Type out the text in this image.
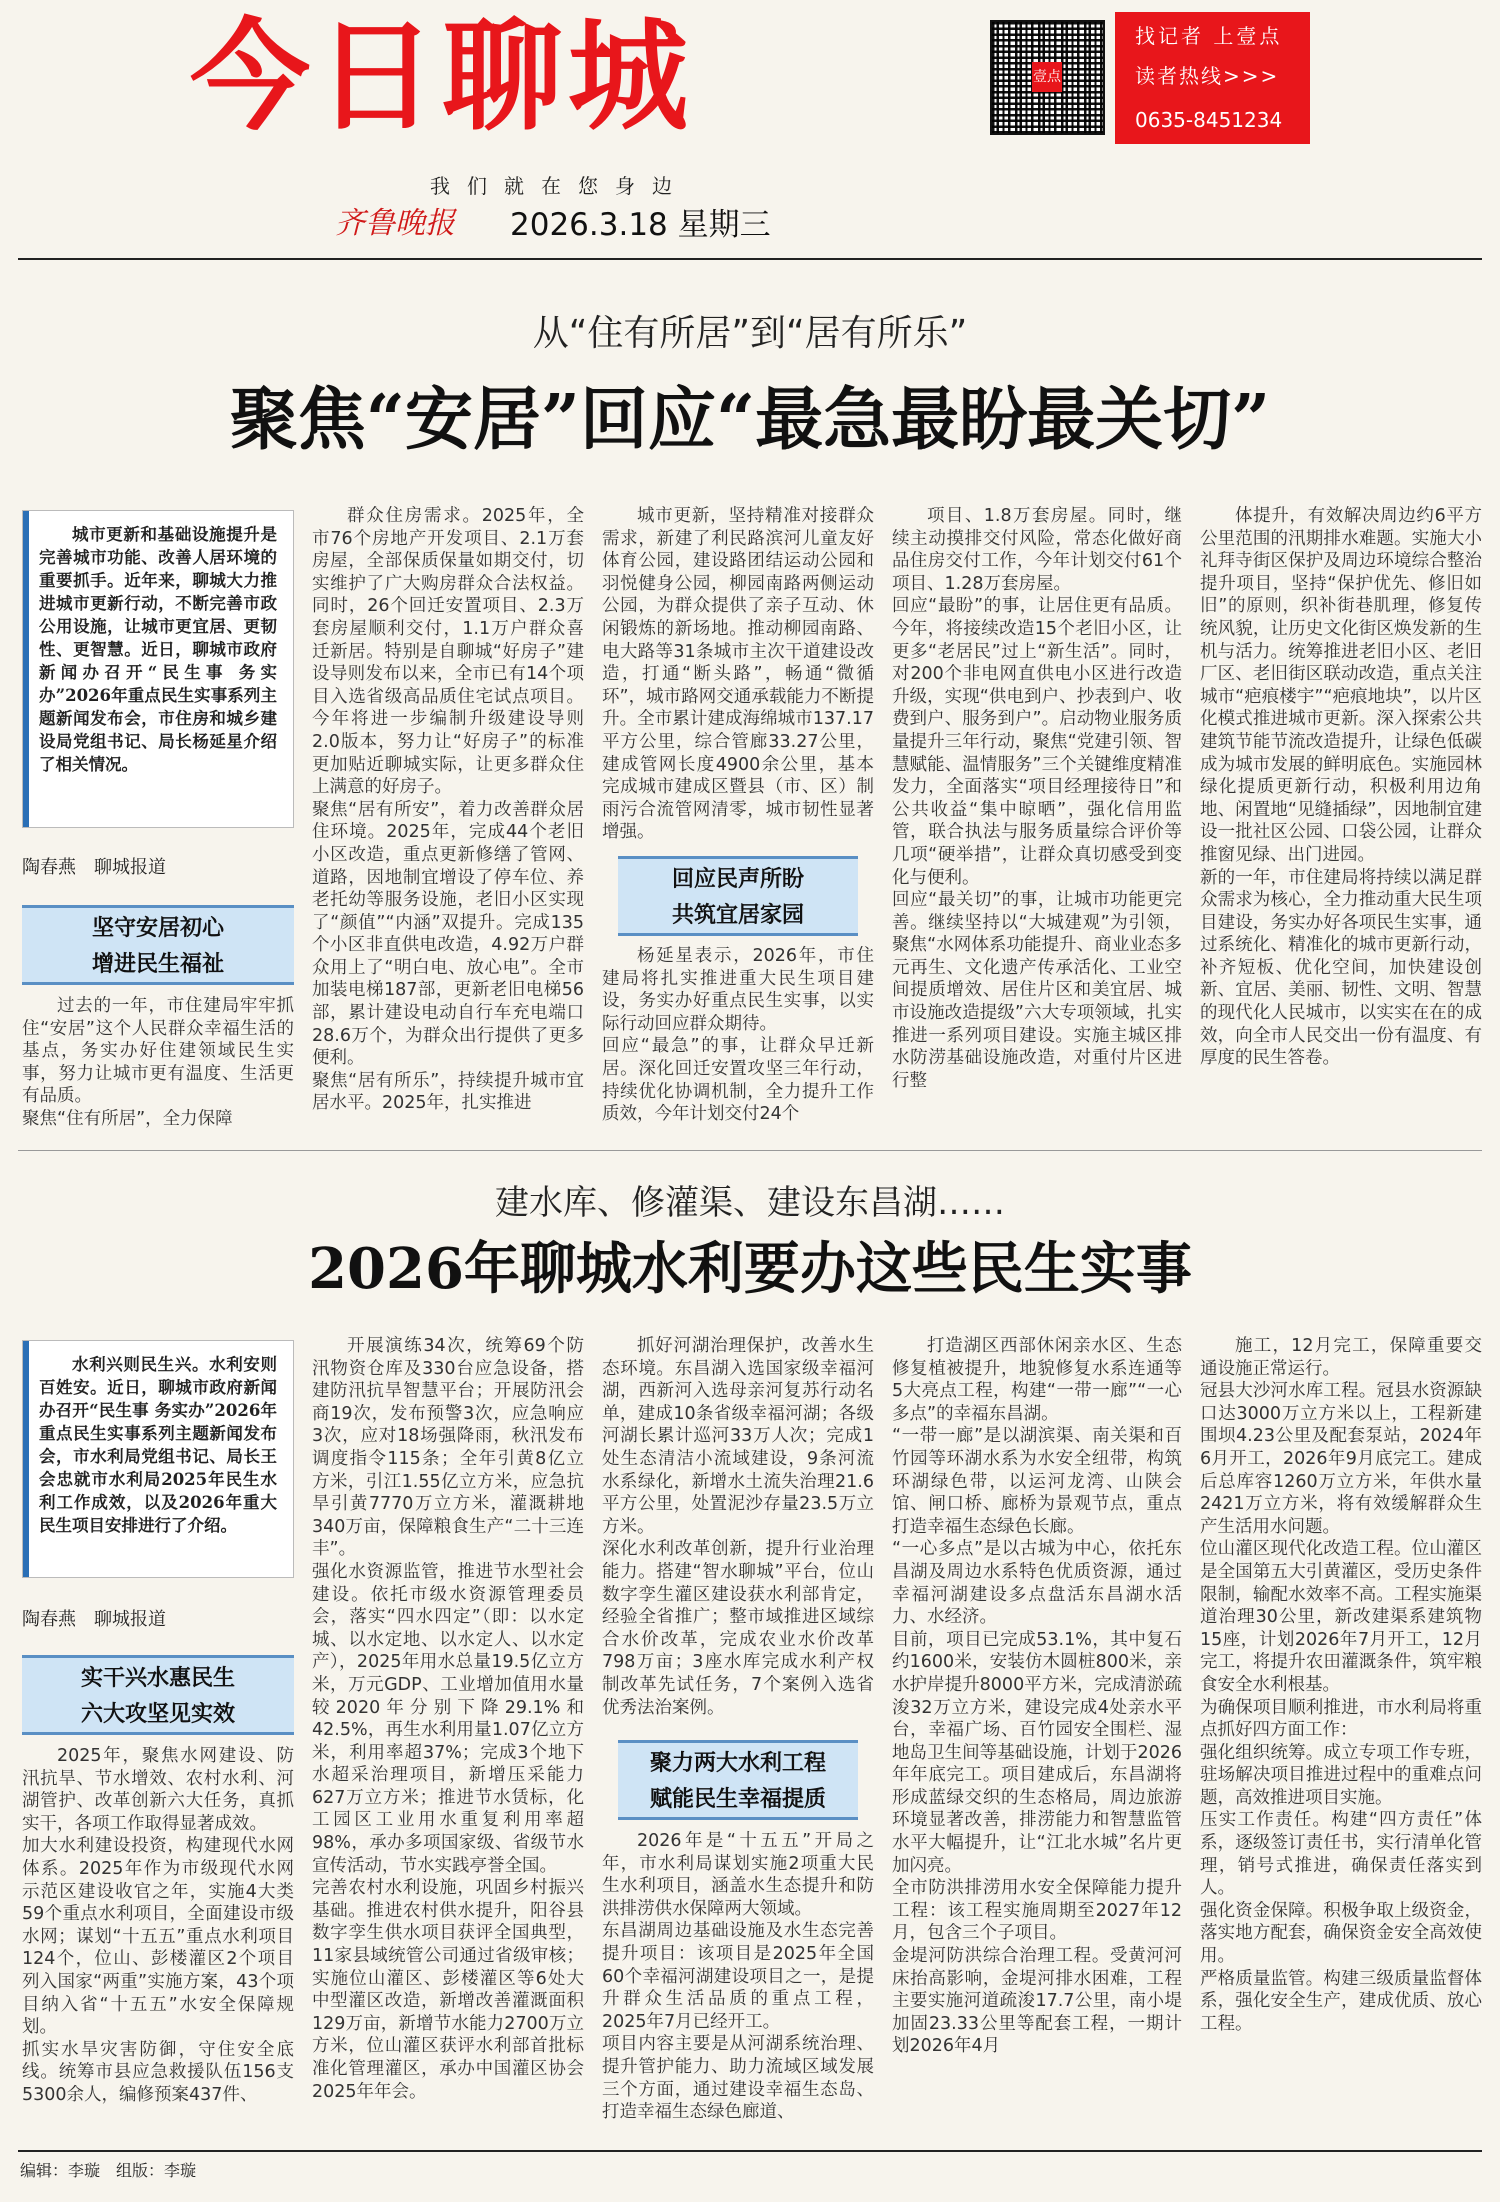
今日聊城
我们就在您身边
齐鲁晚报 2026.3.18 星期三
壹点
找记者 上壹点
读者热线>>>
0635-8451234
从“住有所居”到“居有所乐”
聚焦“安居”回应“最急最盼最关切”

城市更新和基础设施提升是完善城市功能、改善人居环境的重要抓手。近年来，聊城大力推进城市更新行动，不断完善市政公用设施，让城市更宜居、更韧性、更智慧。近日，聊城市政府新闻办召开“民生事 务实办”2026年重点民生实事系列主题新闻发布会，市住房和城乡建设局党组书记、局长杨延星介绍了相关情况。

陶春燕　聊城报道
坚守安居初心
增进民生福祉

过去的一年，市住建局牢牢抓住“安居”这个人民群众幸福生活的基点，务实办好住建领域民生实事，努力让城市更有温度、生活更有品质。
聚焦“住有所居”，全力保障

群众住房需求。2025年，全市76个房地产开发项目、2.1万套房屋，全部保质保量如期交付，切实维护了广大购房群众合法权益。同时，26个回迁安置项目、2.3万套房屋顺利交付，1.1万户群众喜迁新居。特别是自聊城“好房子”建设导则发布以来，全市已有14个项目入选省级高品质住宅试点项目。今年将进一步编制升级建设导则2.0版本，努力让“好房子”的标准更加贴近聊城实际，让更多群众住上满意的好房子。
聚焦“居有所安”，着力改善群众居住环境。2025年，完成44个老旧小区改造，重点更新修缮了管网、道路，因地制宜增设了停车位、养老托幼等服务设施，老旧小区实现了“颜值”“内涵”双提升。完成135个小区非直供电改造，4.92万户群众用上了“明白电、放心电”。全市加装电梯187部，更新老旧电梯56部，累计建设电动自行车充电端口28.6万个，为群众出行提供了更多便利。
聚焦“居有所乐”，持续提升城市宜居水平。2025年，扎实推进

城市更新，坚持精准对接群众需求，新建了利民路滨河儿童友好体育公园，建设路团结运动公园和羽悦健身公园，柳园南路两侧运动公园，为群众提供了亲子互动、休闲锻炼的新场地。推动柳园南路、电大路等31条城市主次干道建设改造，打通“断头路”，畅通“微循环”，城市路网交通承载能力不断提升。全市累计建成海绵城市137.17平方公里，综合管廊33.27公里，建成管网长度4900余公里，基本完成城市建成区暨县（市、区）制雨污合流管网清零，城市韧性显著增强。

回应民声所盼
共筑宜居家园

杨延星表示，2026年，市住建局将扎实推进重大民生项目建设，务实办好重点民生实事，以实际行动回应群众期待。
回应“最急”的事，让群众早迁新居。深化回迁安置攻坚三年行动，持续优化协调机制，全力提升工作质效，今年计划交付24个

项目、1.8万套房屋。同时，继续主动摸排交付风险，常态化做好商品住房交付工作，今年计划交付61个项目、1.28万套房屋。
回应“最盼”的事，让居住更有品质。今年，将接续改造15个老旧小区，让更多“老居民”过上“新生活”。同时，对200个非电网直供电小区进行改造升级，实现“供电到户、抄表到户、收费到户、服务到户”。启动物业服务质量提升三年行动，聚焦“党建引领、智慧赋能、温情服务”三个关键维度精准发力，全面落实“项目经理接待日”和公共收益“集中晾晒”，强化信用监管，联合执法与服务质量综合评价等几项“硬举措”，让群众真切感受到变化与便利。
回应“最关切”的事，让城市功能更完善。继续坚持以“大城建观”为引领，聚焦“水网体系功能提升、商业业态多元再生、文化遗产传承活化、工业空间提质增效、居住片区和美宜居、城市设施改造提级”六大专项领域，扎实推进一系列项目建设。实施主城区排水防涝基础设施改造，对重付片区进行整

体提升，有效解决周边约6平方公里范围的汛期排水难题。实施大小礼拜寺街区保护及周边环境综合整治提升项目，坚持“保护优先、修旧如旧”的原则，织补街巷肌理，修复传统风貌，让历史文化街区焕发新的生机与活力。统筹推进老旧小区、老旧厂区、老旧街区联动改造，重点关注城市“疤痕楼宇”“疤痕地块”，以片区化模式推进城市更新。深入探索公共建筑节能节流改造提升，让绿色低碳成为城市发展的鲜明底色。实施园林绿化提质更新行动，积极利用边角地、闲置地“见缝插绿”，因地制宜建设一批社区公园、口袋公园，让群众推窗见绿、出门进园。
新的一年，市住建局将持续以满足群众需求为核心，全力推动重大民生项目建设，务实办好各项民生实事，通过系统化、精准化的城市更新行动，补齐短板、优化空间，加快建设创新、宜居、美丽、韧性、文明、智慧的现代化人民城市，以实实在在的成效，向全市人民交出一份有温度、有厚度的民生答卷。

建水库、修灌渠、建设东昌湖……
2026年聊城水利要办这些民生实事

水利兴则民生兴。水利安则百姓安。近日，聊城市政府新闻办召开“民生事 务实办”2026年重点民生实事系列主题新闻发布会，市水利局党组书记、局长王会忠就市水利局2025年民生水利工作成效，以及2026年重大民生项目安排进行了介绍。

陶春燕　聊城报道
实干兴水惠民生
六大攻坚见实效

2025年，聚焦水网建设、防汛抗旱、节水增效、农村水利、河湖管护、改革创新六大任务，真抓实干，各项工作取得显著成效。
加大水利建设投资，构建现代水网体系。2025年作为市级现代水网示范区建设收官之年，实施4大类59个重点水利项目，全面建设市级水网；谋划“十五五”重点水利项目124个，位山、彭楼灌区2个项目列入国家“两重”实施方案，43个项目纳入省“十五五”水安全保障规划。
抓实水旱灾害防御，守住安全底线。统筹市县应急救援队伍156支5300余人，编修预案437件、

开展演练34次，统筹69个防汛物资仓库及330台应急设备，搭建防汛抗旱智慧平台；开展防汛会商19次，发布预警3次，应急响应3次，应对18场强降雨，秋汛发布调度指令115条；全年引黄8亿立方米，引江1.55亿立方米，应急抗旱引黄7770万立方米，灌溉耕地340万亩，保障粮食生产“二十三连丰”。
强化水资源监管，推进节水型社会建设。依托市级水资源管理委员会，落实“四水四定”（即：以水定城、以水定地、以水定人、以水定产），2025年用水总量19.5亿立方米，万元GDP、工业增加值用水量较2020年分别下降29.1%和42.5%，再生水利用量1.07亿立方米，利用率超37%；完成3个地下水超采治理项目，新增压采能力627万立方米；推进节水赁标，化工园区工业用水重复利用率超98%，承办多项国家级、省级节水宣传活动，节水实践亭誉全国。
完善农村水利设施，巩固乡村振兴基础。推进农村供水提升，阳谷县数字孪生供水项目获评全国典型，11家县域统管公司通过省级审核；实施位山灌区、彭楼灌区等6处大中型灌区改造，新增改善灌溉面积129万亩，新增节水能力2700万立方米，位山灌区获评水利部首批标准化管理灌区，承办中国灌区协会2025年年会。

抓好河湖治理保护，改善水生态环境。东昌湖入选国家级幸福河湖，西新河入选母亲河复苏行动名单，建成10条省级幸福河湖；各级河湖长累计巡河33万人次；完成1处生态清洁小流域建设，9条河流水系绿化，新增水土流失治理21.6平方公里，处置泥沙存量23.5万立方米。
深化水利改革创新，提升行业治理能力。搭建“智水聊城”平台，位山数字孪生灌区建设获水利部肯定，经验全省推广；整市域推进区域综合水价改革，完成农业水价改革798万亩；3座水库完成水利产权制改革先试任务，7个案例入选省优秀法治案例。

聚力两大水利工程
赋能民生幸福提质

2026年是“十五五”开局之年，市水利局谋划实施2项重大民生水利项目，涵盖水生态提升和防洪排涝供水保障两大领域。
东昌湖周边基础设施及水生态完善提升项目：该项目是2025年全国60个幸福河湖建设项目之一，是提升群众生活品质的重点工程，2025年7月已经开工。
项目内容主要是从河湖系统治理、提升管护能力、助力流域区域发展三个方面，通过建设幸福生态岛、打造幸福生态绿色廊道、

打造湖区西部休闲亲水区、生态修复植被提升，地貌修复水系连通等5大亮点工程，构建“一带一廊”“一心多点”的幸福东昌湖。
“一带一廊”是以湖滨渠、南关渠和百竹园等环湖水系为水安全纽带，构筑环湖绿色带，以运河龙湾、山陕会馆、闸口桥、廊桥为景观节点，重点打造幸福生态绿色长廊。
“一心多点”是以古城为中心，依托东昌湖及周边水系特色优质资源，通过幸福河湖建设多点盘活东昌湖水活力、水经济。
目前，项目已完成53.1%，其中复石约1600米，安装仿木圆桩800米，亲水护岸提升8000平方米，完成清淤疏浚32万立方米，建设完成4处亲水平台，幸福广场、百竹园安全围栏、湿地岛卫生间等基础设施，计划于2026年年底完工。项目建成后，东昌湖将形成蓝绿交织的生态格局，周边旅游环境显著改善，排涝能力和智慧监管水平大幅提升，让“江北水城”名片更加闪亮。
全市防洪排涝用水安全保障能力提升工程：该工程实施周期至2027年12月，包含三个子项目。
金堤河防洪综合治理工程。受黄河河床抬高影响，金堤河排水困难，工程主要实施河道疏浚17.7公里，南小堤加固23.33公里等配套工程，一期计划2026年4月

施工，12月完工，保障重要交通设施正常运行。
冠县大沙河水库工程。冠县水资源缺口达3000万立方米以上，工程新建围坝4.23公里及配套泵站，2024年6月开工，2026年9月底完工。建成后总库容1260万立方米，年供水量2421万立方米，将有效缓解群众生产生活用水问题。
位山灌区现代化改造工程。位山灌区是全国第五大引黄灌区，受历史条件限制，输配水效率不高。工程实施渠道治理30公里，新改建渠系建筑物15座，计划2026年7月开工，12月完工，将提升农田灌溉条件，筑牢粮食安全水利根基。
为确保项目顺利推进，市水利局将重点抓好四方面工作：
强化组织统筹。成立专项工作专班，驻场解决项目推进过程中的重难点问题，高效推进项目实施。
压实工作责任。构建“四方责任”体系，逐级签订责任书，实行清单化管理，销号式推进，确保责任落实到人。
强化资金保障。积极争取上级资金，落实地方配套，确保资金安全高效使用。
严格质量监管。构建三级质量监督体系，强化安全生产，建成优质、放心工程。

编辑：李璇　组版：李璇
